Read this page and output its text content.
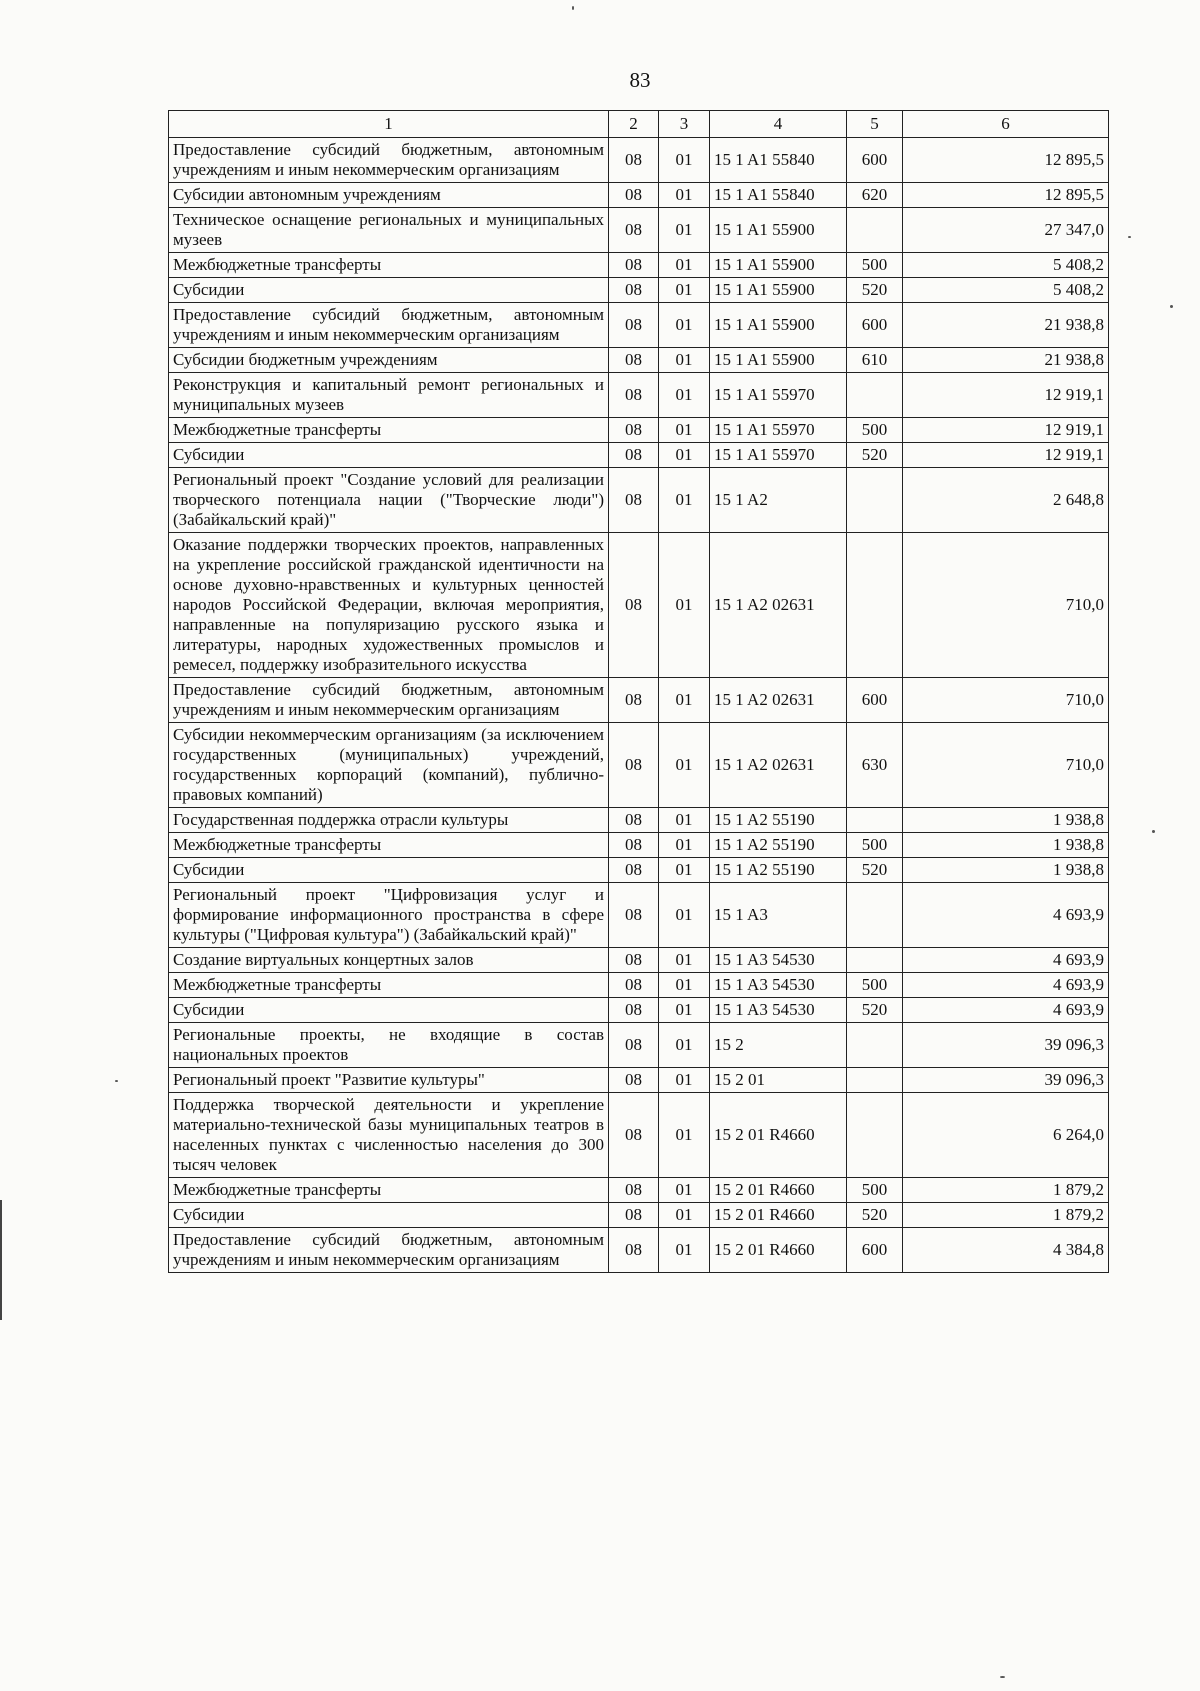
83
1	2	3	4	5	6
Предоставление субсидий бюджетным, автономным учреждениям и иным некоммерческим организациям	08	01	15 1 A1 55840	600	12 895,5
Субсидии автономным учреждениям	08	01	15 1 A1 55840	620	12 895,5
Техническое оснащение региональных и муниципальных музеев	08	01	15 1 A1 55900		27 347,0
Межбюджетные трансферты	08	01	15 1 A1 55900	500	5 408,2
Субсидии	08	01	15 1 A1 55900	520	5 408,2
Предоставление субсидий бюджетным, автономным учреждениям и иным некоммерческим организациям	08	01	15 1 A1 55900	600	21 938,8
Субсидии бюджетным учреждениям	08	01	15 1 A1 55900	610	21 938,8
Реконструкция и капитальный ремонт региональных и муниципальных музеев	08	01	15 1 A1 55970		12 919,1
Межбюджетные трансферты	08	01	15 1 A1 55970	500	12 919,1
Субсидии	08	01	15 1 A1 55970	520	12 919,1
Региональный проект "Создание условий для реализации творческого потенциала нации ("Творческие люди") (Забайкальский край)"	08	01	15 1 A2		2 648,8
Оказание поддержки творческих проектов, направленных на укрепление российской гражданской идентичности на основе духовно-нравственных и культурных ценностей народов Российской Федерации, включая мероприятия, направленные на популяризацию русского языка и литературы, народных художественных промыслов и ремесел, поддержку изобразительного искусства	08	01	15 1 A2 02631		710,0
Предоставление субсидий бюджетным, автономным учреждениям и иным некоммерческим организациям	08	01	15 1 A2 02631	600	710,0
Субсидии некоммерческим организациям (за исключением государственных (муниципальных) учреждений, государственных корпораций (компаний), публично-правовых компаний)	08	01	15 1 A2 02631	630	710,0
Государственная поддержка отрасли культуры	08	01	15 1 A2 55190		1 938,8
Межбюджетные трансферты	08	01	15 1 A2 55190	500	1 938,8
Субсидии	08	01	15 1 A2 55190	520	1 938,8
Региональный проект "Цифровизация услуг и формирование информационного пространства в сфере культуры ("Цифровая культура") (Забайкальский край)"	08	01	15 1 A3		4 693,9
Создание виртуальных концертных залов	08	01	15 1 A3 54530		4 693,9
Межбюджетные трансферты	08	01	15 1 A3 54530	500	4 693,9
Субсидии	08	01	15 1 A3 54530	520	4 693,9
Региональные проекты, не входящие в состав национальных проектов	08	01	15 2		39 096,3
Региональный проект "Развитие культуры"	08	01	15 2 01		39 096,3
Поддержка творческой деятельности и укрепление материально-технической базы муниципальных театров в населенных пунктах с численностью населения до 300 тысяч человек	08	01	15 2 01 R4660		6 264,0
Межбюджетные трансферты	08	01	15 2 01 R4660	500	1 879,2
Субсидии	08	01	15 2 01 R4660	520	1 879,2
Предоставление субсидий бюджетным, автономным учреждениям и иным некоммерческим организациям	08	01	15 2 01 R4660	600	4 384,8
